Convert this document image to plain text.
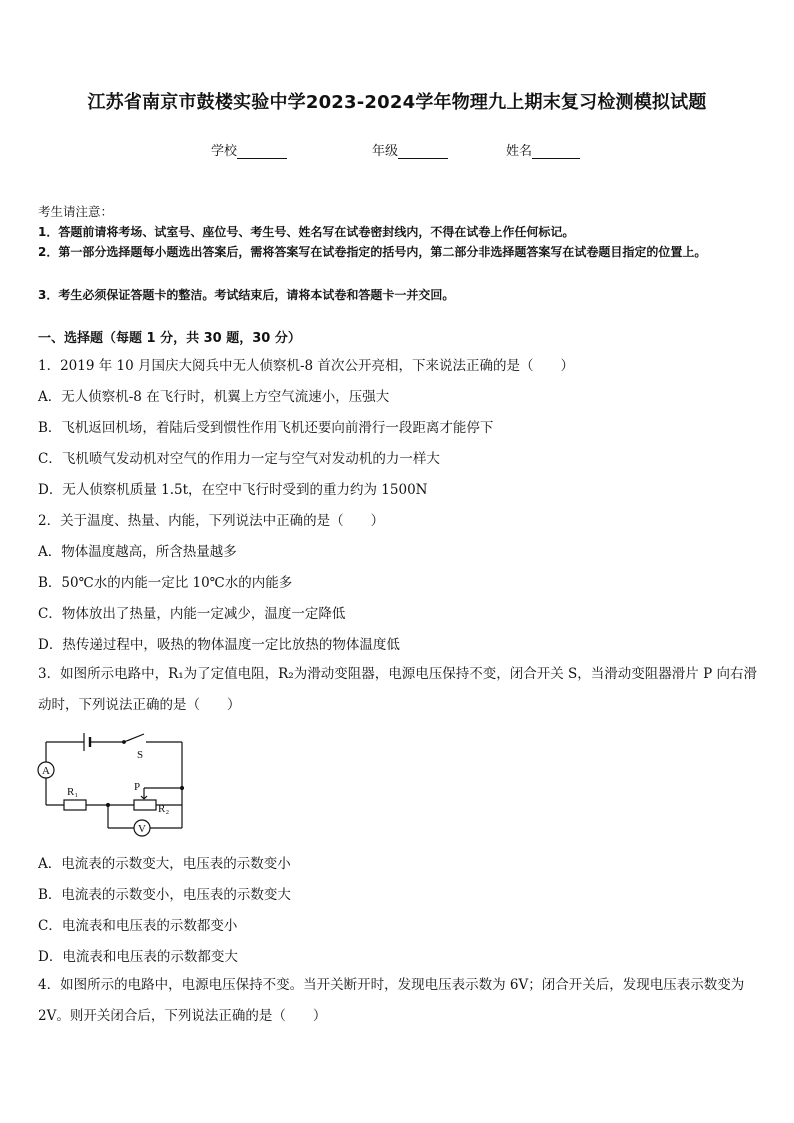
江苏省南京市鼓楼实验中学2023-2024学年物理九上期末复习检测模拟试题
学校	年级	姓名
考生请注意：
1．答题前请将考场、试室号、座位号、考生号、姓名写在试卷密封线内，不得在试卷上作任何标记。
2．第一部分选择题每小题选出答案后，需将答案写在试卷指定的括号内，第二部分非选择题答案写在试卷题目指定的位置上。
3．考生必须保证答题卡的整洁。考试结束后，请将本试卷和答题卡一并交回。
一、选择题（每题 1 分，共 30 题，30 分）
1．2019 年 10 月国庆大阅兵中无人侦察机-8 首次公开亮相，下来说法正确的是（　　）
A．无人侦察机-8 在飞行时，机翼上方空气流速小，压强大
B．飞机返回机场，着陆后受到惯性作用飞机还要向前滑行一段距离才能停下
C．飞机喷气发动机对空气的作用力一定与空气对发动机的力一样大
D．无人侦察机质量 1.5t，在空中飞行时受到的重力约为 1500N
2．关于温度、热量、内能，下列说法中正确的是（　　）
A．物体温度越高，所含热量越多
B．50℃水的内能一定比 10℃水的内能多
C．物体放出了热量，内能一定减少，温度一定降低
D．热传递过程中，吸热的物体温度一定比放热的物体温度低
3．如图所示电路中，R₁为了定值电阻，R₂为滑动变阻器，电源电压保持不变，闭合开关 S，当滑动变阻器滑片 P 向右滑动时，下列说法正确的是（　　）
S
A
R₁
R₂
P
V
A．电流表的示数变大，电压表的示数变小
B．电流表的示数变小，电压表的示数变大
C．电流表和电压表的示数都变小
D．电流表和电压表的示数都变大
4．如图所示的电路中，电源电压保持不变。当开关断开时，发现电压表示数为 6V；闭合开关后，发现电压表示数变为 2V。则开关闭合后，下列说法正确的是（　　）
